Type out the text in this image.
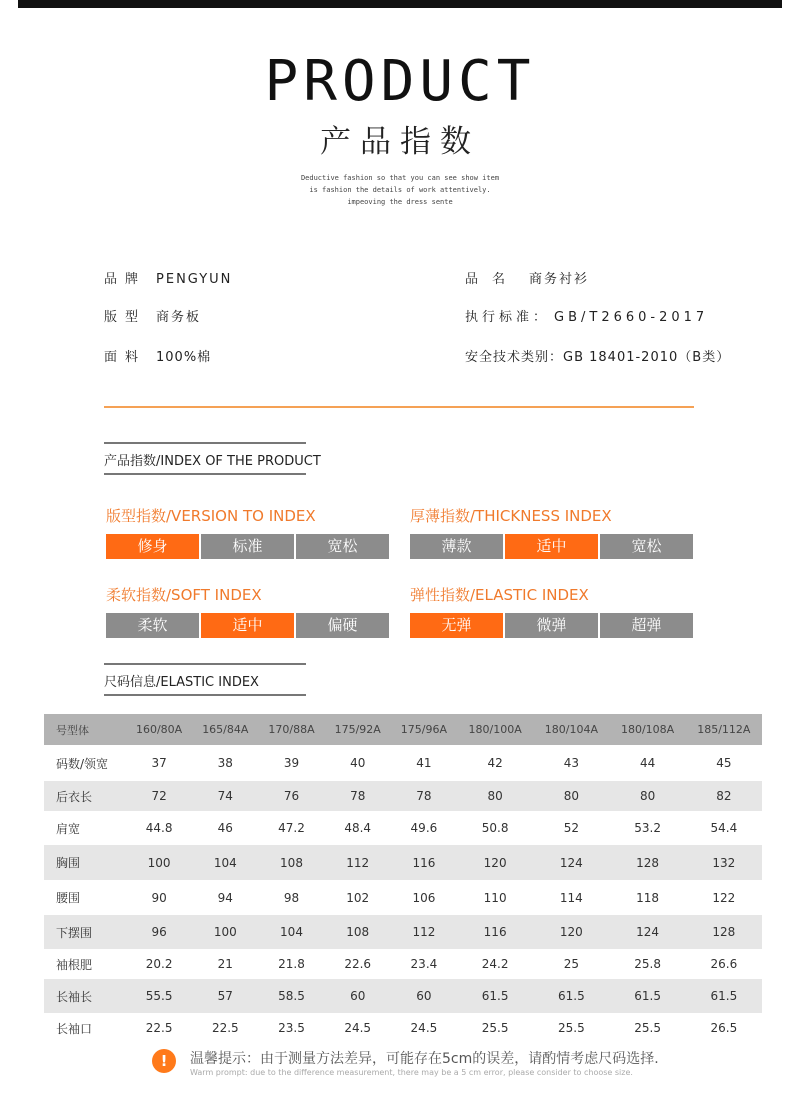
PRODUCT
产品指数
Deductive fashion so that you can see show item
is fashion the details of work attentively.
impeoving the dress sente
品牌 PENGYUN	品名 商务衬衫
版型 商务板	执行标准： GB/T2660-2017
面料 100%棉	安全技术类别：GB 18401-2010（B类）
产品指数/INDEX OF THE PRODUCT
版型指数/VERSION TO INDEX
修身	标准	宽松
厚薄指数/THICKNESS INDEX
薄款	适中	宽松
柔软指数/SOFT INDEX
柔软	适中	偏硬
弹性指数/ELASTIC INDEX
无弹	微弹	超弹
尺码信息/ELASTIC INDEX
号型体	160/80A	165/84A	170/88A	175/92A	175/96A	180/100A	180/104A	180/108A	185/112A
码数/领宽	37	38	39	40	41	42	43	44	45
后衣长	72	74	76	78	78	80	80	80	82
肩宽	44.8	46	47.2	48.4	49.6	50.8	52	53.2	54.4
胸围	100	104	108	112	116	120	124	128	132
腰围	90	94	98	102	106	110	114	118	122
下摆围	96	100	104	108	112	116	120	124	128
袖根肥	20.2	21	21.8	22.6	23.4	24.2	25	25.8	26.6
长袖长	55.5	57	58.5	60	60	61.5	61.5	61.5	61.5
长袖口	22.5	22.5	23.5	24.5	24.5	25.5	25.5	25.5	26.5
!	温馨提示：由于测量方法差异，可能存在5cm的误差，请酌情考虑尺码选择.
Warm prompt: due to the difference measurement, there may be a 5 cm error, please consider to choose size.
